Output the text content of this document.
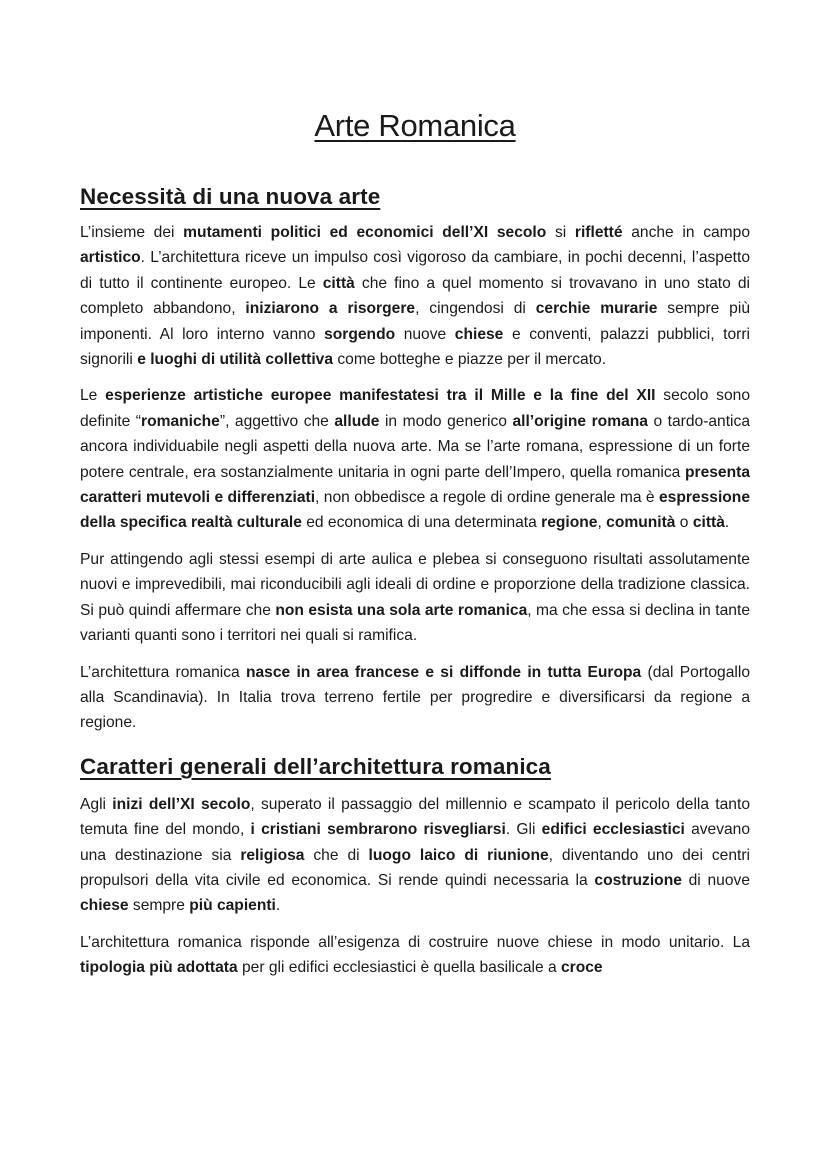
Arte Romanica
Necessità di una nuova arte

L’insieme dei mutamenti politici ed economici dell’XI secolo si rifletté anche in campo artistico. L’architettura riceve un impulso così vigoroso da cambiare, in pochi decenni, l’aspetto di tutto il continente europeo. Le città che fino a quel momento si trovavano in uno stato di completo abbandono, iniziarono a risorgere, cingendosi di cerchie murarie sempre più imponenti. Al loro interno vanno sorgendo nuove chiese e conventi, palazzi pubblici, torri signorili e luoghi di utilità collettiva come botteghe e piazze per il mercato.

Le esperienze artistiche europee manifestatesi tra il Mille e la fine del XII secolo sono definite “romaniche”, aggettivo che allude in modo generico all’origine romana o tardo-antica ancora individuabile negli aspetti della nuova arte. Ma se l’arte romana, espressione di un forte potere centrale, era sostanzialmente unitaria in ogni parte dell’Impero, quella romanica presenta caratteri mutevoli e differenziati, non obbedisce a regole di ordine generale ma è espressione della specifica realtà culturale ed economica di una determinata regione, comunità o città.

Pur attingendo agli stessi esempi di arte aulica e plebea si conseguono risultati assolutamente nuovi e imprevedibili, mai riconducibili agli ideali di ordine e proporzione della tradizione classica. Si può quindi affermare che non esista una sola arte romanica, ma che essa si declina in tante varianti quanti sono i territori nei quali si ramifica.

L’architettura romanica nasce in area francese e si diffonde in tutta Europa (dal Portogallo alla Scandinavia). In Italia trova terreno fertile per progredire e diversificarsi da regione a regione.

Caratteri generali dell’architettura romanica

Agli inizi dell’XI secolo, superato il passaggio del millennio e scampato il pericolo della tanto temuta fine del mondo, i cristiani sembrarono risvegliarsi. Gli edifici ecclesiastici avevano una destinazione sia religiosa che di luogo laico di riunione, diventando uno dei centri propulsori della vita civile ed economica. Si rende quindi necessaria la costruzione di nuove chiese sempre più capienti.

L’architettura romanica risponde all’esigenza di costruire nuove chiese in modo unitario. La tipologia più adottata per gli edifici ecclesiastici è quella basilicale a croce
